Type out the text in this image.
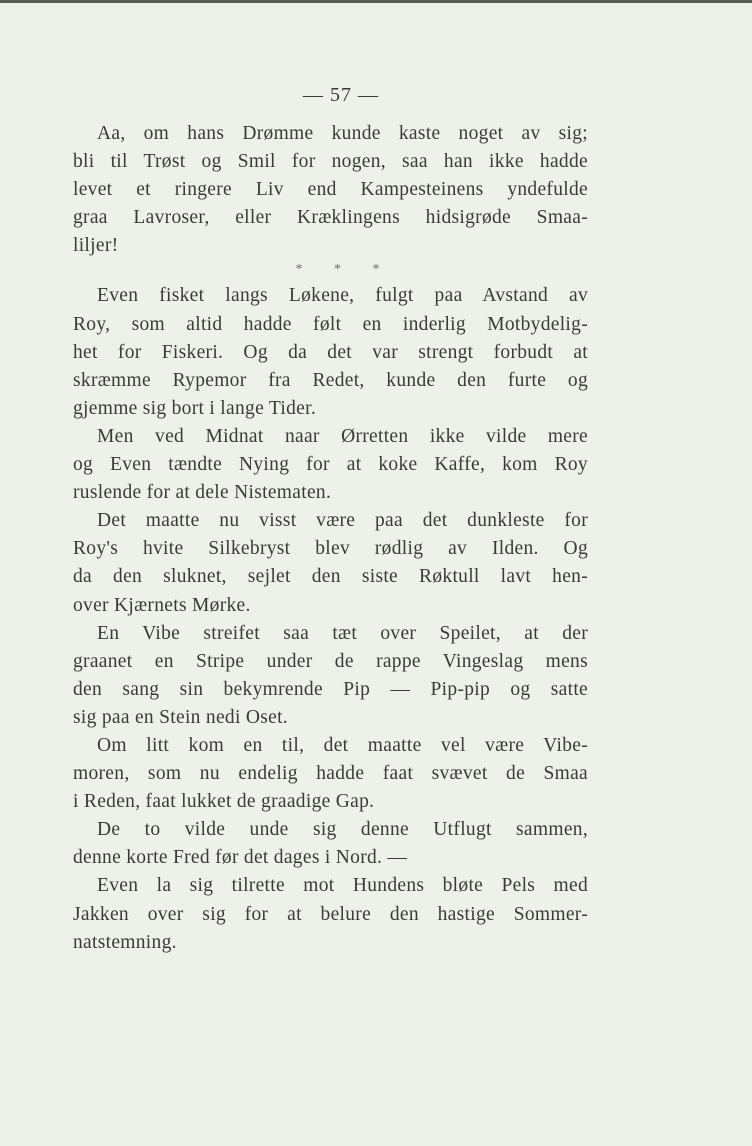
— 57 —
Aa, om hans Drømme kunde kaste noget av sig;
bli til Trøst og Smil for nogen, saa han ikke hadde
levet et ringere Liv end Kampesteinens yndefulde
graa Lavroser, eller Kræklingens hidsigrøde Smaa-
liljer!
* * *
Even fisket langs Løkene, fulgt paa Avstand av
Roy, som altid hadde følt en inderlig Motbydelig-
het for Fiskeri. Og da det var strengt forbudt at
skræmme Rypemor fra Redet, kunde den furte og
gjemme sig bort i lange Tider.
Men ved Midnat naar Ørretten ikke vilde mere
og Even tændte Nying for at koke Kaffe, kom Roy
ruslende for at dele Nistematen.
Det maatte nu visst være paa det dunkleste for
Roy's hvite Silkebryst blev rødlig av Ilden. Og
da den sluknet, sejlet den siste Røktull lavt hen-
over Kjærnets Mørke.
En Vibe streifet saa tæt over Speilet, at der
graanet en Stripe under de rappe Vingeslag mens
den sang sin bekymrende Pip — Pip-pip og satte
sig paa en Stein nedi Oset.
Om litt kom en til, det maatte vel være Vibe-
moren, som nu endelig hadde faat svævet de Smaa
i Reden, faat lukket de graadige Gap.
De to vilde unde sig denne Utflugt sammen,
denne korte Fred før det dages i Nord. —
Even la sig tilrette mot Hundens bløte Pels med
Jakken over sig for at belure den hastige Sommer-
natstemning.
